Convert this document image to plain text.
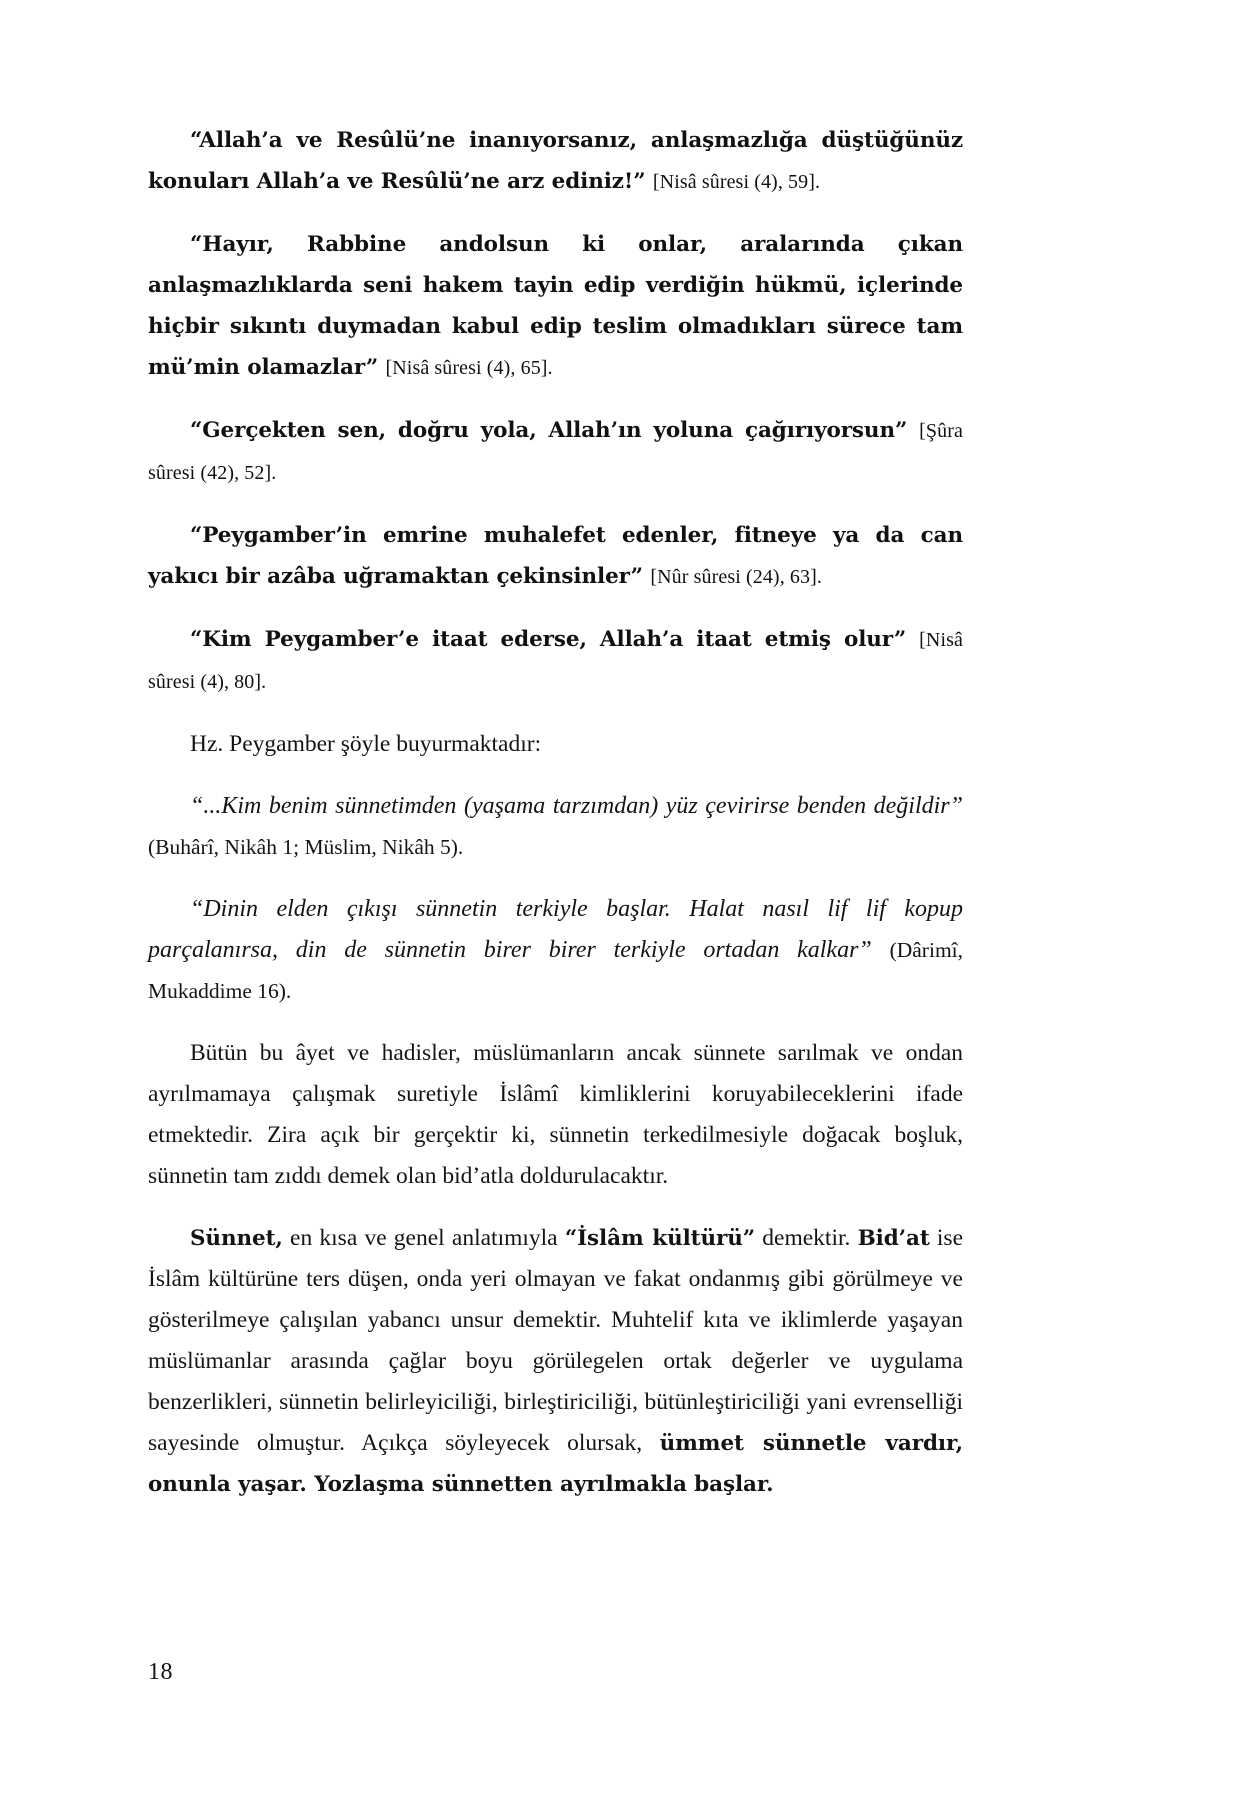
“Allah’a ve Resûlü’ne inanıyorsanız, anlaşmazlığa düştüğünüz konuları Allah’a ve Resûlü’ne arz ediniz!” [Nisâ sûresi (4), 59].

“Hayır, Rabbine andolsun ki onlar, aralarında çıkan anlaşmazlıklarda seni hakem tayin edip verdiğin hükmü, içlerinde hiçbir sıkıntı duymadan kabul edip teslim olmadıkları sürece tam mü’min olamazlar” [Nisâ sûresi (4), 65].

“Gerçekten sen, doğru yola, Allah’ın yoluna çağırıyorsun” [Şûra sûresi (42), 52].

“Peygamber’in emrine muhalefet edenler, fitneye ya da can yakıcı bir azâba uğramaktan çekinsinler” [Nûr sûresi (24), 63].

“Kim Peygamber’e itaat ederse, Allah’a itaat etmiş olur” [Nisâ sûresi (4), 80].

Hz. Peygamber şöyle buyurmaktadır:

“...Kim benim sünnetimden (yaşama tarzımdan) yüz çevirirse benden değildir” (Buhârî, Nikâh 1; Müslim, Nikâh 5).

“Dinin elden çıkışı sünnetin terkiyle başlar. Halat nasıl lif lif kopup parçalanırsa, din de sünnetin birer birer terkiyle ortadan kalkar” (Dârimî, Mukaddime 16).

Bütün bu âyet ve hadisler, müslümanların ancak sünnete sarılmak ve ondan ayrılmamaya çalışmak suretiyle İslâmî kimliklerini koruyabileceklerini ifade etmektedir. Zira açık bir gerçektir ki, sünnetin terkedilmesiyle doğacak boşluk, sünnetin tam zıddı demek olan bid’atla doldurulacaktır.

Sünnet, en kısa ve genel anlatımıyla “İslâm kültürü” demektir. Bid’at ise İslâm kültürüne ters düşen, onda yeri olmayan ve fakat ondanmış gibi görülmeye ve gösterilmeye çalışılan yabancı unsur demektir. Muhtelif kıta ve iklimlerde yaşayan müslümanlar arasında çağlar boyu görülegelen ortak değerler ve uygulama benzerlikleri, sünnetin belirleyiciliği, birleştiriciliği, bütünleştiriciliği yani evrenselliği sayesinde olmuştur. Açıkça söyleyecek olursak, ümmet sünnetle vardır, onunla yaşar. Yozlaşma sünnetten ayrılmakla başlar.

18
